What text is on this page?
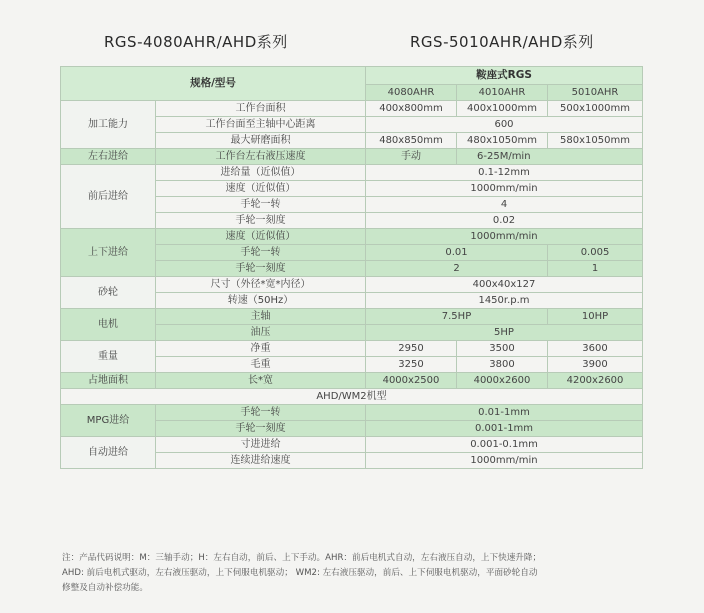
RGS-4080AHR/AHD系列	RGS-5010AHR/AHD系列
规格/型号		鞍座式RGS		
		4080AHR	4010AHR	5010AHR
加工能力	工作台面积	400x800mm	400x1000mm	500x1000mm
	工作台面至主轴中心距离	600		
	最大研磨面积	480x850mm	480x1050mm	580x1050mm
左右进给	工作台左右液压速度	手动	6-25M/min	
前后进给	进给量（近似值）	0.1-12mm		
	速度（近似值）	1000mm/min		
	手轮一转	4		
	手轮一刻度	0.02		
上下进给	速度（近似值）	1000mm/min		
	手轮一转	0.01		0.005
	手轮一刻度	2		1
砂轮	尺寸（外径*宽*内径）	400x40x127		
	转速（50Hz）	1450r.p.m		
电机	主轴	7.5HP		10HP
	油压	5HP		
重量	净重	2950	3500	3600
	毛重	3250	3800	3900
占地面积	长*宽	4000x2500	4000x2600	4200x2600
AHD/WM2机型				
MPG进给	手轮一转	0.01-1mm		
	手轮一刻度	0.001-1mm		
自动进给	寸进进给	0.001-0.1mm		
	连续进给速度	1000mm/min		
注：产品代码说明：M：三轴手动；H：左右自动，前后、上下手动。AHR：前后电机式自动，左右液压自动，上下快速升降；
AHD: 前后电机式驱动，左右液压驱动，上下伺服电机驱动； WM2: 左右液压驱动，前后、上下伺服电机驱动，平面砂轮自动
修整及自动补偿功能。
